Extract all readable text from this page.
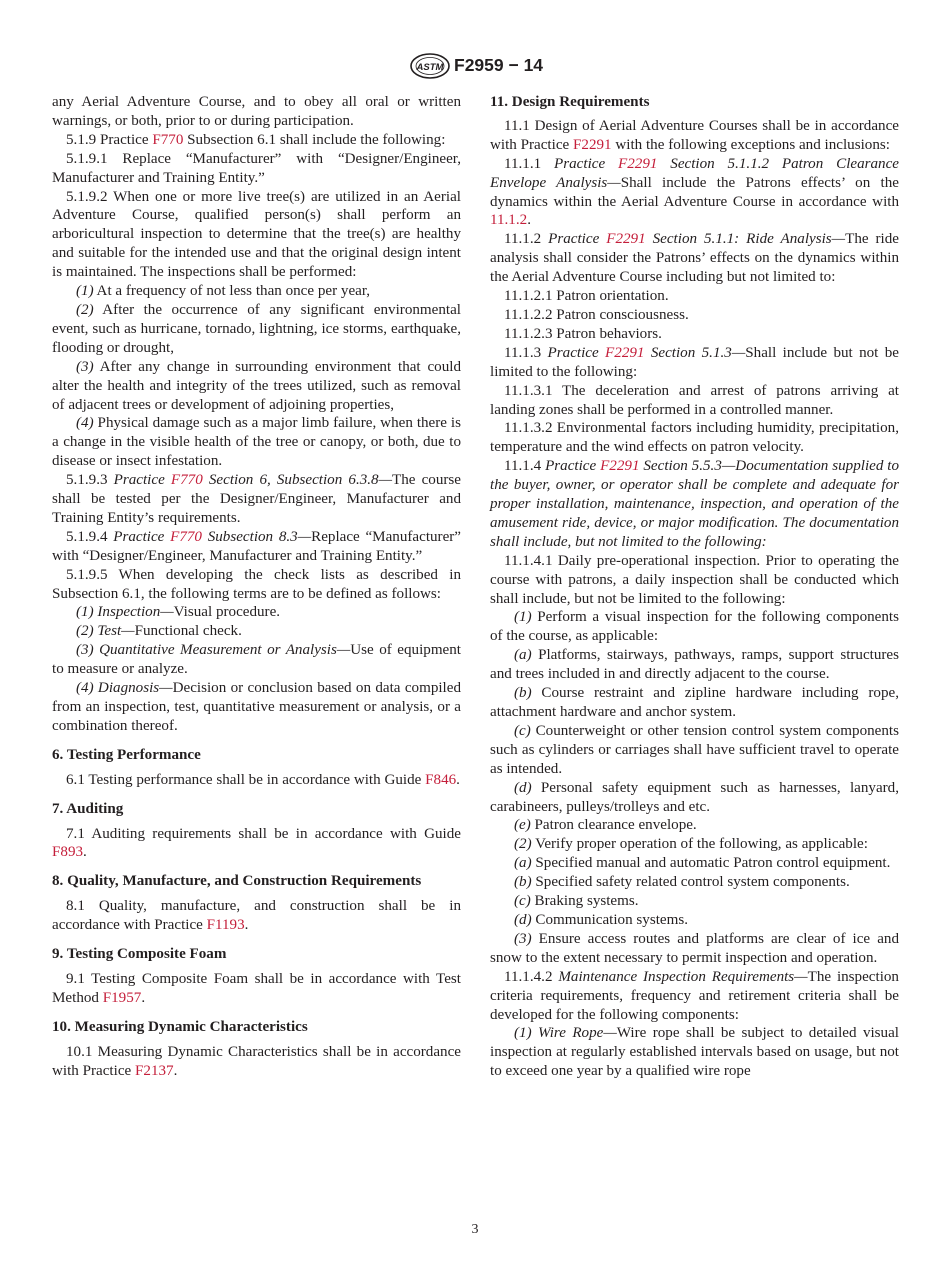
ASTM F2959 − 14

any Aerial Adventure Course, and to obey all oral or written warnings, or both, prior to or during participation.

5.1.9 Practice F770 Subsection 6.1 shall include the following:

5.1.9.1 Replace “Manufacturer” with “Designer/Engineer, Manufacturer and Training Entity.”

5.1.9.2 When one or more live tree(s) are utilized in an Aerial Adventure Course, qualified person(s) shall perform an arboricultural inspection to determine that the tree(s) are healthy and suitable for the intended use and that the original design intent is maintained. The inspections shall be performed:

(1) At a frequency of not less than once per year,

(2) After the occurrence of any significant environmental event, such as hurricane, tornado, lightning, ice storms, earthquake, flooding or drought,

(3) After any change in surrounding environment that could alter the health and integrity of the trees utilized, such as removal of adjacent trees or development of adjoining properties,

(4) Physical damage such as a major limb failure, when there is a change in the visible health of the tree or canopy, or both, due to disease or insect infestation.

5.1.9.3 Practice F770 Section 6, Subsection 6.3.8—The course shall be tested per the Designer/Engineer, Manufacturer and Training Entity’s requirements.

5.1.9.4 Practice F770 Subsection 8.3—Replace “Manufacturer” with “Designer/Engineer, Manufacturer and Training Entity.”

5.1.9.5 When developing the check lists as described in Subsection 6.1, the following terms are to be defined as follows:

(1) Inspection—Visual procedure.

(2) Test—Functional check.

(3) Quantitative Measurement or Analysis—Use of equipment to measure or analyze.

(4) Diagnosis—Decision or conclusion based on data compiled from an inspection, test, quantitative measurement or analysis, or a combination thereof.

6. Testing Performance

6.1 Testing performance shall be in accordance with Guide F846.

7. Auditing

7.1 Auditing requirements shall be in accordance with Guide F893.

8. Quality, Manufacture, and Construction Requirements

8.1 Quality, manufacture, and construction shall be in accordance with Practice F1193.

9. Testing Composite Foam

9.1 Testing Composite Foam shall be in accordance with Test Method F1957.

10. Measuring Dynamic Characteristics

10.1 Measuring Dynamic Characteristics shall be in accordance with Practice F2137.

11. Design Requirements

11.1 Design of Aerial Adventure Courses shall be in accordance with Practice F2291 with the following exceptions and inclusions:

11.1.1 Practice F2291 Section 5.1.1.2 Patron Clearance Envelope Analysis—Shall include the Patrons effects’ on the dynamics within the Aerial Adventure Course in accordance with 11.1.2.

11.1.2 Practice F2291 Section 5.1.1: Ride Analysis—The ride analysis shall consider the Patrons’ effects on the dynamics within the Aerial Adventure Course including but not limited to:

11.1.2.1 Patron orientation.

11.1.2.2 Patron consciousness.

11.1.2.3 Patron behaviors.

11.1.3 Practice F2291 Section 5.1.3—Shall include but not be limited to the following:

11.1.3.1 The deceleration and arrest of patrons arriving at landing zones shall be performed in a controlled manner.

11.1.3.2 Environmental factors including humidity, precipitation, temperature and the wind effects on patron velocity.

11.1.4 Practice F2291 Section 5.5.3—Documentation supplied to the buyer, owner, or operator shall be complete and adequate for proper installation, maintenance, inspection, and operation of the amusement ride, device, or major modification. The documentation shall include, but not limited to the following:

11.1.4.1 Daily pre-operational inspection. Prior to operating the course with patrons, a daily inspection shall be conducted which shall include, but not be limited to the following:

(1) Perform a visual inspection for the following components of the course, as applicable:

(a) Platforms, stairways, pathways, ramps, support structures and trees included in and directly adjacent to the course.

(b) Course restraint and zipline hardware including rope, attachment hardware and anchor system.

(c) Counterweight or other tension control system components such as cylinders or carriages shall have sufficient travel to operate as intended.

(d) Personal safety equipment such as harnesses, lanyard, carabineers, pulleys/trolleys and etc.

(e) Patron clearance envelope.

(2) Verify proper operation of the following, as applicable:

(a) Specified manual and automatic Patron control equipment.

(b) Specified safety related control system components.

(c) Braking systems.

(d) Communication systems.

(3) Ensure access routes and platforms are clear of ice and snow to the extent necessary to permit inspection and operation.

11.1.4.2 Maintenance Inspection Requirements—The inspection criteria requirements, frequency and retirement criteria shall be developed for the following components:

(1) Wire Rope—Wire rope shall be subject to detailed visual inspection at regularly established intervals based on usage, but not to exceed one year by a qualified wire rope

3
